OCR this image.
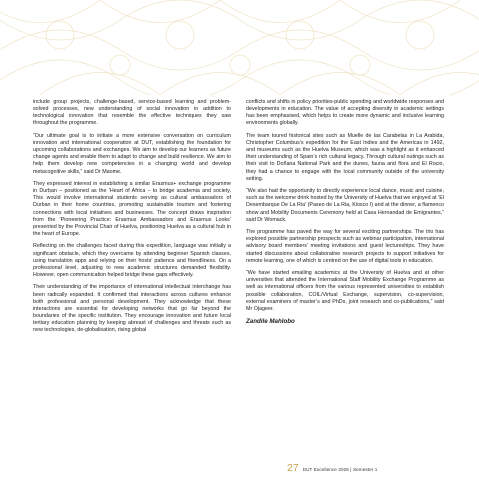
include group projects, challenge-based, service-based learning and problem-solved processes, new understanding of social innovation in addition to technological innovation that resemble the effective techniques they saw throughout the programme.

“Our ultimate goal is to initiate a more extensive conversation on curriculum innovation and international cooperation at DUT, establishing the foundation for upcoming collaborations and exchanges. We aim to develop our learners as future change agents and enable them to adapt to change and build resilience. We aim to help them develop new competencies in a changing world and develop metacognitive skills,” said Dr Maome.

They expressed interest in establishing a similar Erasmus+ exchange programme in Durban – positioned as the ‘Heart of Africa – to bridge academia and society. This would involve international students serving as cultural ambassadors of Durban in their home countries, promoting sustainable tourism and fostering connections with local initiatives and businesses. The concept draws inspiration from the ‘Pioneering Practice: Erasmus Ambassadors and Erasmus Looks’ presented by the Provincial Chair of Huelva, positioning Huelva as a cultural hub in the heart of Europe.

Reflecting on the challenges faced during this expedition, language was initially a significant obstacle, which they overcame by attending beginner Spanish classes, using translation apps and relying on their hosts’ patience and friendliness. On a professional level, adjusting to new academic structures demanded flexibility. However, open communication helped bridge these gaps effectively.

Their understanding of the importance of international intellectual interchange has been radically expanded. It confirmed that interactions across cultures enhance both professional and personal development. They acknowledge that these interactions are essential for developing networks that go far beyond the boundaries of the specific institution. They encourage innovation and future local tertiary education planning by keeping abreast of challenges and threats such as new technologies, de-globalisation, rising global

conflicts and shifts in policy priorities-public spending and worldwide responses and developments in education. The value of accepting diversity in academic settings has been emphasised, which helps to create more dynamic and inclusive learning environments globally.

The team toured historical sites such as Muelle de las Carabelas in La Arabida, Christopher Columbus’s expedition for the East Indies and the Americas in 1492, and museums such as the Huelva Museum, which was a highlight as it enhanced their understanding of Spain’s rich cultural legacy. Through cultural outings such as their visit to Doñana National Park and the dunes, fauna and flora and El Rocio, they had a chance to engage with the local community outside of the university setting.

“We also had the opportunity to directly experience local dance, music and cuisine, such as the welcome drink hosted by the University of Huelva that we enjoyed at ‘El Desembarque De La Ria’ (Paseo de La Ria, Kiosco I) and at the dinner, a flamenco show and Mobility Documents Ceremony held at Casa Hernandad de Emigrantes,” said Dr Womack.

The programme has paved the way for several exciting partnerships. The trio has explored possible partnership prospects such as webinar participation, international advisory board members’ meeting invitations and guest lectureships. They have started discussions about collaborative research projects to support initiatives for remote learning, one of which is centred on the use of digital tools in education.

“We have started emailing academics at the University of Huelva and at other universities that attended the International Staff Mobility Exchange Programme as well as international officers from the various represented universities to establish possible collaboration, COIL/Virtual Exchange, supervision, co-supervision, external examiners of master’s and PhDs, joint research and co-publications,” said Mr Ojageer.

Zandile Mahlobo
27 DUT Excellence 2025 | Semester 1
